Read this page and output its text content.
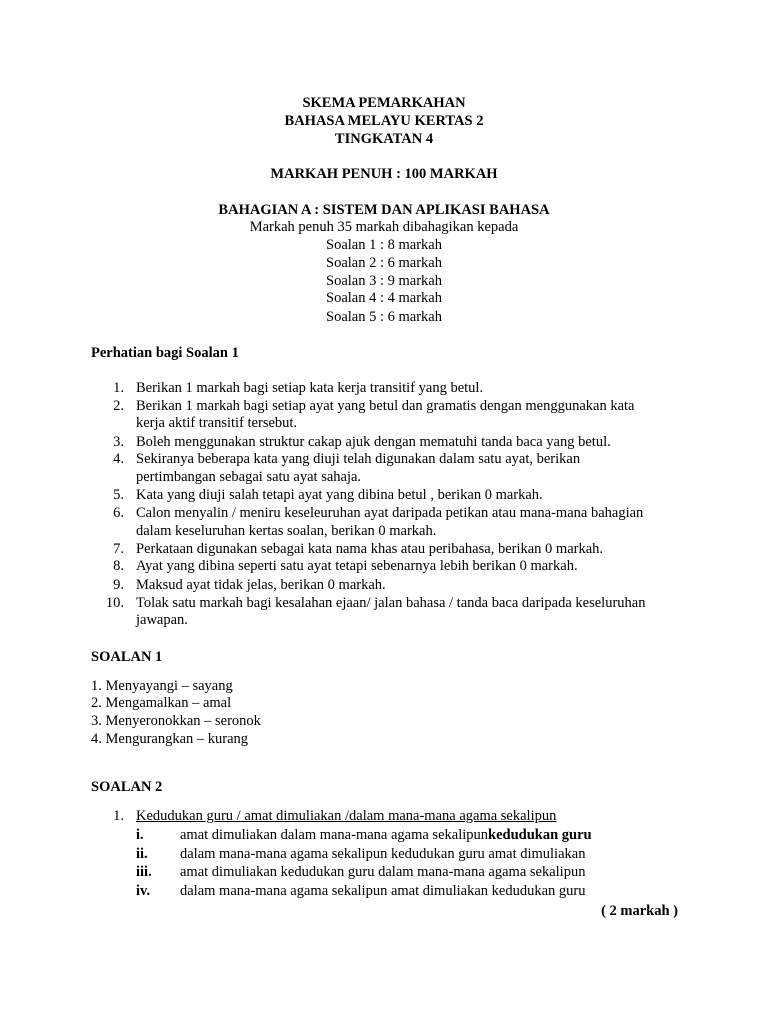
SKEMA PEMARKAHAN
BAHASA MELAYU KERTAS 2
TINGKATAN 4
MARKAH PENUH : 100 MARKAH
BAHAGIAN A : SISTEM DAN APLIKASI BAHASA
Markah penuh 35 markah dibahagikan kepada
Soalan 1 : 8 markah
Soalan 2 : 6 markah
Soalan 3 : 9 markah
Soalan 4 : 4 markah
Soalan 5 : 6 markah
Perhatian bagi Soalan 1
1. Berikan 1 markah bagi setiap kata kerja transitif yang betul.
2. Berikan 1 markah bagi setiap ayat yang betul dan gramatis dengan menggunakan kata
kerja aktif transitif tersebut.
3. Boleh menggunakan struktur cakap ajuk dengan mematuhi tanda baca yang betul.
4. Sekiranya beberapa kata yang diuji telah digunakan dalam satu ayat, berikan
pertimbangan sebagai satu ayat sahaja.
5. Kata yang diuji salah tetapi ayat yang dibina betul , berikan 0 markah.
6. Calon menyalin / meniru keseleuruhan ayat daripada petikan atau mana-mana bahagian
dalam keseluruhan kertas soalan, berikan 0 markah.
7. Perkataan digunakan sebagai kata nama khas atau peribahasa, berikan 0 markah.
8. Ayat yang dibina seperti satu ayat tetapi sebenarnya lebih berikan 0 markah.
9. Maksud ayat tidak jelas, berikan 0 markah.
10. Tolak satu markah bagi kesalahan ejaan/ jalan bahasa / tanda baca daripada keseluruhan
jawapan.
SOALAN 1
1. Menyayangi – sayang
2. Mengamalkan – amal
3. Menyeronokkan – seronok
4. Mengurangkan – kurang
SOALAN 2
1. Kedudukan guru / amat dimuliakan /dalam mana-mana agama sekalipun
i.	amat dimuliakan dalam mana-mana agama sekalipunkedudukan guru
ii. dalam mana-mana agama sekalipun kedudukan guru amat dimuliakan
iii. amat dimuliakan kedudukan guru dalam mana-mana agama sekalipun
iv. dalam mana-mana agama sekalipun amat dimuliakan kedudukan guru
( 2 markah )
